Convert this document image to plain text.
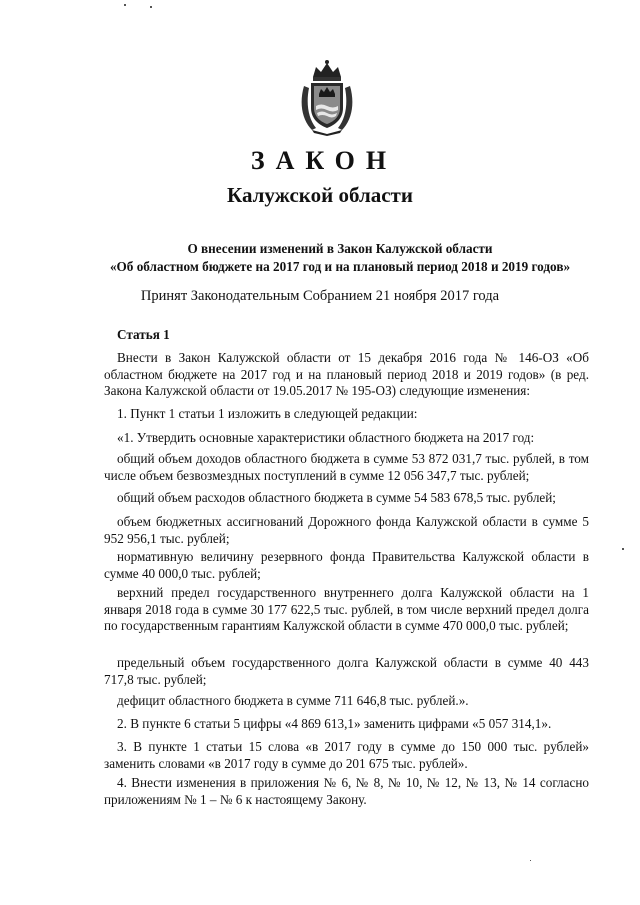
ЗАКОН
Калужской области
О внесении изменений в Закон Калужской области
«Об областном бюджете на 2017 год и на плановый период 2018 и 2019 годов»
Принят Законодательным Собранием 21 ноября 2017 года
Статья 1

Внести в Закон Калужской области от 15 декабря 2016 года № 146-ОЗ «Об областном бюджете на 2017 год и на плановый период 2018 и 2019 годов» (в ред. Закона Калужской области от 19.05.2017 № 195-ОЗ) следующие изменения:

1. Пункт 1 статьи 1 изложить в следующей редакции:

«1. Утвердить основные характеристики областного бюджета на 2017 год:

общий объем доходов областного бюджета в сумме 53 872 031,7 тыс. рублей, в том числе объем безвозмездных поступлений в сумме 12 056 347,7 тыс. рублей;

общий объем расходов областного бюджета в сумме 54 583 678,5 тыс. рублей;

объем бюджетных ассигнований Дорожного фонда Калужской области в сумме 5 952 956,1 тыс. рублей;

нормативную величину резервного фонда Правительства Калужской области в сумме 40 000,0 тыс. рублей;

верхний предел государственного внутреннего долга Калужской области на 1 января 2018 года в сумме 30 177 622,5 тыс. рублей, в том числе верхний предел долга по государственным гарантиям Калужской области в сумме 470 000,0 тыс. рублей;

предельный объем государственного долга Калужской области в сумме 40 443 717,8 тыс. рублей;

дефицит областного бюджета в сумме 711 646,8 тыс. рублей.».

2. В пункте 6 статьи 5 цифры «4 869 613,1» заменить цифрами «5 057 314,1».

3. В пункте 1 статьи 15 слова «в 2017 году в сумме до 150 000 тыс. рублей» заменить словами «в 2017 году в сумме до 201 675 тыс. рублей».

4. Внести изменения в приложения № 6, № 8, № 10, № 12, № 13, № 14 согласно приложениям № 1 – № 6 к настоящему Закону.
